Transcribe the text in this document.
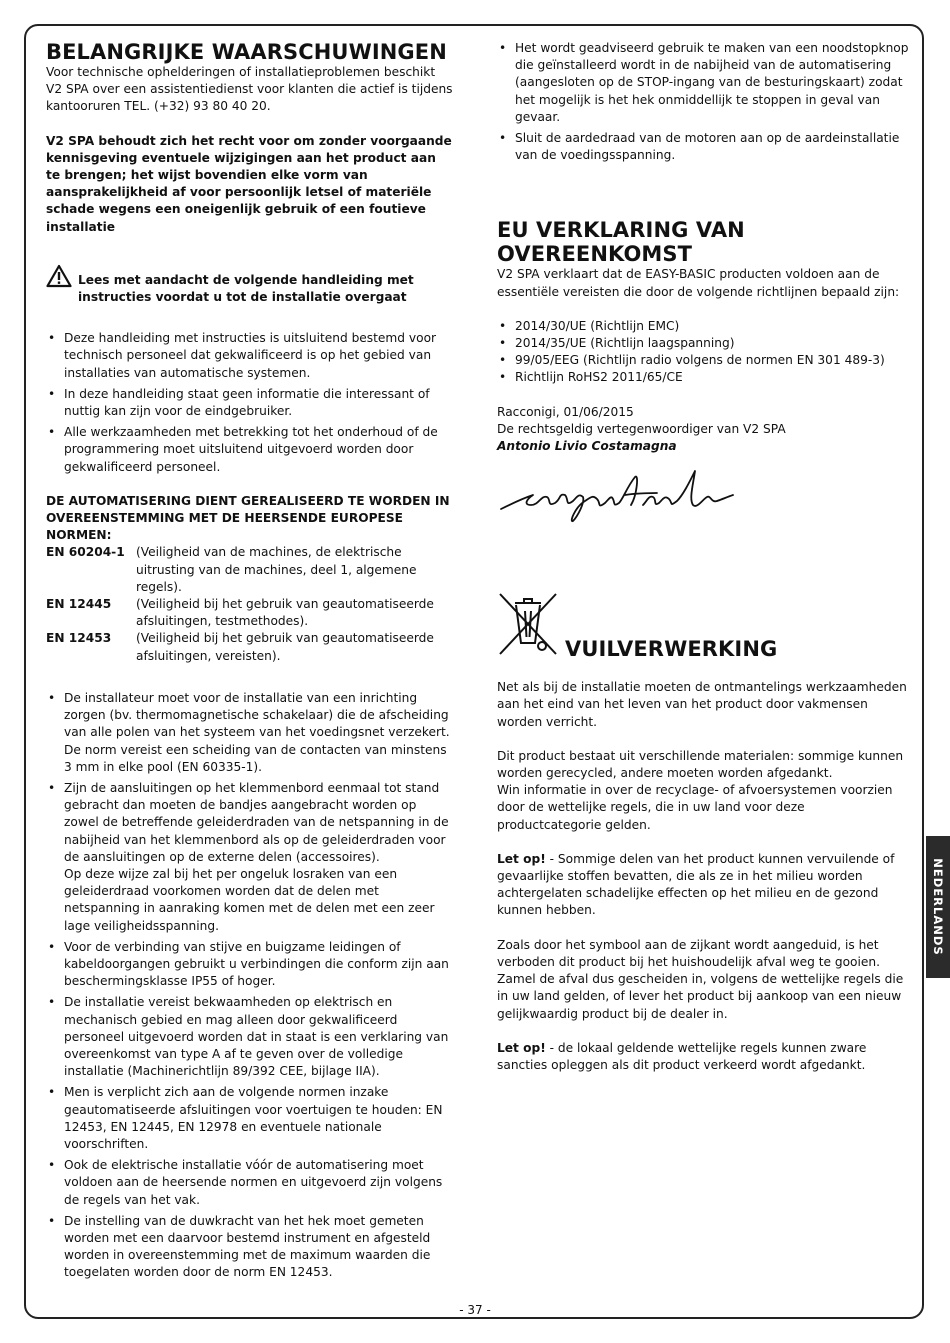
BELANGRIJKE WAARSCHUWINGEN

Voor technische ophelderingen of installatieproblemen beschikt V2 SPA over een assistentiedienst voor klanten die actief is tijdens kantooruren TEL. (+32) 93 80 40 20.

V2 SPA behoudt zich het recht voor om zonder voorgaande kennisgeving eventuele wijzigingen aan het product aan te brengen; het wijst bovendien elke vorm van aansprakelijkheid af voor persoonlijk letsel of materiële schade wegens een oneigenlijk gebruik of een foutieve installatie

Lees met aandacht de volgende handleiding met instructies voordat u tot de installatie overgaat
• Deze handleiding met instructies is uitsluitend bestemd voor technisch personeel dat gekwalificeerd is op het gebied van installaties van automatische systemen.
• In deze handleiding staat geen informatie die interessant of nuttig kan zijn voor de eindgebruiker.
• Alle werkzaamheden met betrekking tot het onderhoud of de programmering moet uitsluitend uitgevoerd worden door gekwalificeerd personeel.

DE AUTOMATISERING DIENT GEREALISEERD TE WORDEN IN OVEREENSTEMMING MET DE HEERSENDE EUROPESE NORMEN:

EN 60204-1 (Veiligheid van de machines, de elektrische uitrusting van de machines, deel 1, algemene regels).
EN 12445	(Veiligheid bij het gebruik van geautomatiseerde afsluitingen, testmethodes).
EN 12453	(Veiligheid bij het gebruik van geautomatiseerde afsluitingen, vereisten).
• De installateur moet voor de installatie van een inrichting zorgen (bv. thermomagnetische schakelaar) die de afscheiding van alle polen van het systeem van het voedingsnet verzekert. De norm vereist een scheiding van de contacten van minstens 3 mm in elke pool (EN 60335-1).
• Zijn de aansluitingen op het klemmenbord eenmaal tot stand gebracht dan moeten de bandjes aangebracht worden op zowel de betreffende geleiderdraden van de netspanning in de nabijheid van het klemmenbord als op de geleiderdraden voor de aansluitingen op de externe delen (accessoires).
Op deze wijze zal bij het per ongeluk losraken van een geleiderdraad voorkomen worden dat de delen met netspanning in aanraking komen met de delen met een zeer lage veiligheidsspanning.
• Voor de verbinding van stijve en buigzame leidingen of kabeldoorgangen gebruikt u verbindingen die conform zijn aan beschermingsklasse IP55 of hoger.
• De installatie vereist bekwaamheden op elektrisch en mechanisch gebied en mag alleen door gekwalificeerd personeel uitgevoerd worden dat in staat is een verklaring van overeenkomst van type A af te geven over de volledige installatie (Machinerichtlijn 89/392 CEE, bijlage IIA).
• Men is verplicht zich aan de volgende normen inzake geautomatiseerde afsluitingen voor voertuigen te houden: EN 12453, EN 12445, EN 12978 en eventuele nationale voorschriften.
• Ook de elektrische installatie vóór de automatisering moet voldoen aan de heersende normen en uitgevoerd zijn volgens de regels van het vak.
• De instelling van de duwkracht van het hek moet gemeten worden met een daarvoor bestemd instrument en afgesteld worden in overeenstemming met de maximum waarden die toegelaten worden door de norm EN 12453.
• Het wordt geadviseerd gebruik te maken van een noodstopknop die geïnstalleerd wordt in de nabijheid van de automatisering (aangesloten op de STOP-ingang van de besturingskaart) zodat het mogelijk is het hek onmiddellijk te stoppen in geval van gevaar.
• Sluit de aardedraad van de motoren aan op de aardeinstallatie van de voedingsspanning.
EU VERKLARING VAN OVEREENKOMST

V2 SPA verklaart dat de EASY-BASIC producten voldoen aan de essentiële vereisten die door de volgende richtlijnen bepaald zijn:

• 2014/30/UE (Richtlijn EMC)
• 2014/35/UE (Richtlijn laagspanning)
• 99/05/EEG (Richtlijn radio volgens de normen EN 301 489-3)
• Richtlijn RoHS2 2011/65/CE

Racconigi, 01/06/2015

De rechtsgeldig vertegenwoordiger van V2 SPA

Antonio Livio Costamagna

VUILVERWERKING

Net als bij de installatie moeten de ontmantelings werkzaamheden aan het eind van het leven van het product door vakmensen worden verricht.

Dit product bestaat uit verschillende materialen: sommige kunnen worden gerecycled, andere moeten worden afgedankt.

Win informatie in over de recyclage- of afvoersystemen voorzien door de wettelijke regels, die in uw land voor deze productcategorie gelden.

Let op! - Sommige delen van het product kunnen vervuilende of gevaarlijke stoffen bevatten, die als ze in het milieu worden achtergelaten schadelijke effecten op het milieu en de gezond kunnen hebben.

Zoals door het symbool aan de zijkant wordt aangeduid, is het verboden dit product bij het huishoudelijk afval weg te gooien. Zamel de afval dus gescheiden in, volgens de wettelijke regels die in uw land gelden, of lever het product bij aankoop van een nieuw gelijkwaardig product bij de dealer in.

Let op! - de lokaal geldende wettelijke regels kunnen zware sancties opleggen als dit product verkeerd wordt afgedankt.

NEDERLANDS
- 37 -
